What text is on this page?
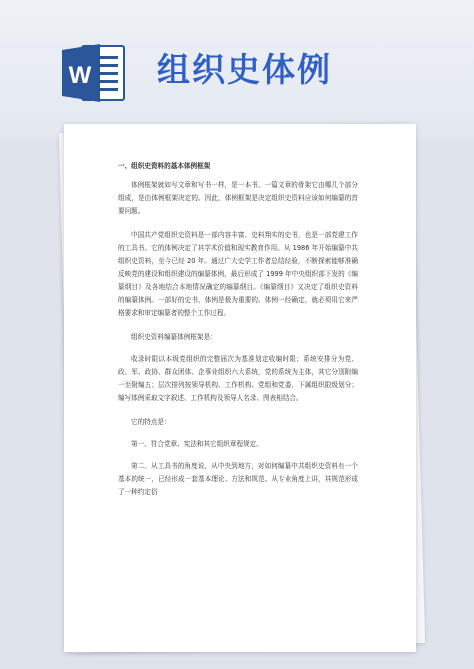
W 组织史体例
一、组织史资料的基本体例框架

体例框架就如写文章和写书一样，是一本书、一篇文章的骨架它由哪几个部分组成，是由体例框架决定的。因此，体例框架是决定组织史资料应该如何编纂的首要问题。

中国共产党组织史资料是一部内容丰富、史料翔实的史书，也是一部党建工作的工具书。它的体例决定了其学术价值和现实教育作用。从 1986 年开始编纂中共组织史资料，至今已经 20 年。通过广大史学工作者总结经验，不断探索能够准确反映党的建设和组织建设的编纂体例，最后形成了 1999 年中央组织部下发的《编纂纲目》及各地结合本地情况确定的编纂纲目。《编纂纲目》又决定了组织史资料的编纂体例。一部好的史书，体例是极为重要的。体例一经确定，就必须用它来严格要求和审定编纂者的整个工作过程。

组织史资料编纂体例框架是：

收录时限以本级党组织的完整届次为基准划定收编时限；系统安排分为党、政、军、政协、群众团体、企事业组织六大系统，党的系统为主体，其它分别附编一至附编五；层次排列按领导机构、工作机构、党组和党委、下属组织限级划分；编写体例采取文字叙述、工作机构及领导人名录、图表相结合。

它的特点是：

第一、符合党章、宪法和其它组织章程规定。

第二、从工具书的角度说，从中央到地方，对如何编纂中共组织史资料有一个基本的统一，已经形成一套基本理论、方法和规范。从专业角度上讲，其规范形成了一种约定俗
